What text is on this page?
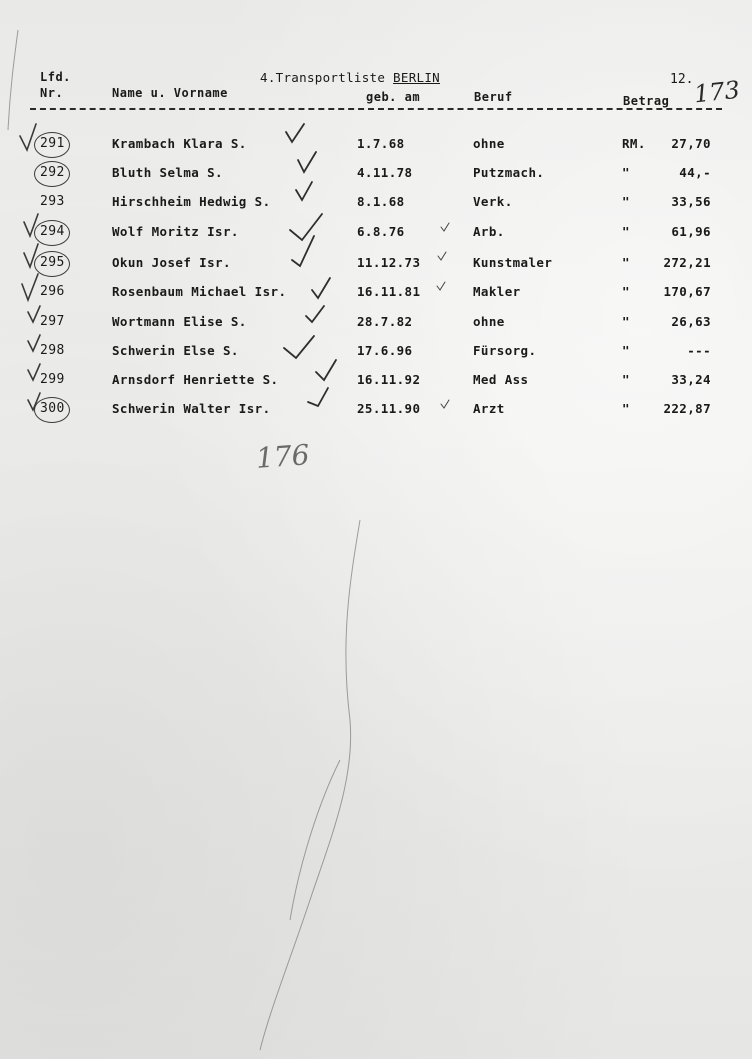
Lfd.
Nr.	Name u. Vorname
4.Transportliste BERLIN
geb. am	Beruf
12.
Betrag 173
291	Krambach Klara S.	1.7.68	ohne	RM.	27,70
292	Bluth Selma S.	4.11.78	Putzmach.	"	44,-
293	Hirschheim Hedwig S.	8.1.68	Verk.	"	33,56
294	Wolf Moritz Isr.	6.8.76	Arb.	"	61,96
295	Okun Josef Isr.	11.12.73	Kunstmaler	"	272,21
296	Rosenbaum Michael Isr.	16.11.81	Makler	"	170,67
297	Wortmann Elise S.	28.7.82	ohne	"	26,63
298	Schwerin Else S.	17.6.96	Fürsorg.	"	---
299	Arnsdorf Henriette S.	16.11.92	Med Ass	"	33,24
300	Schwerin Walter Isr.	25.11.90	Arzt	"	222,87
176
